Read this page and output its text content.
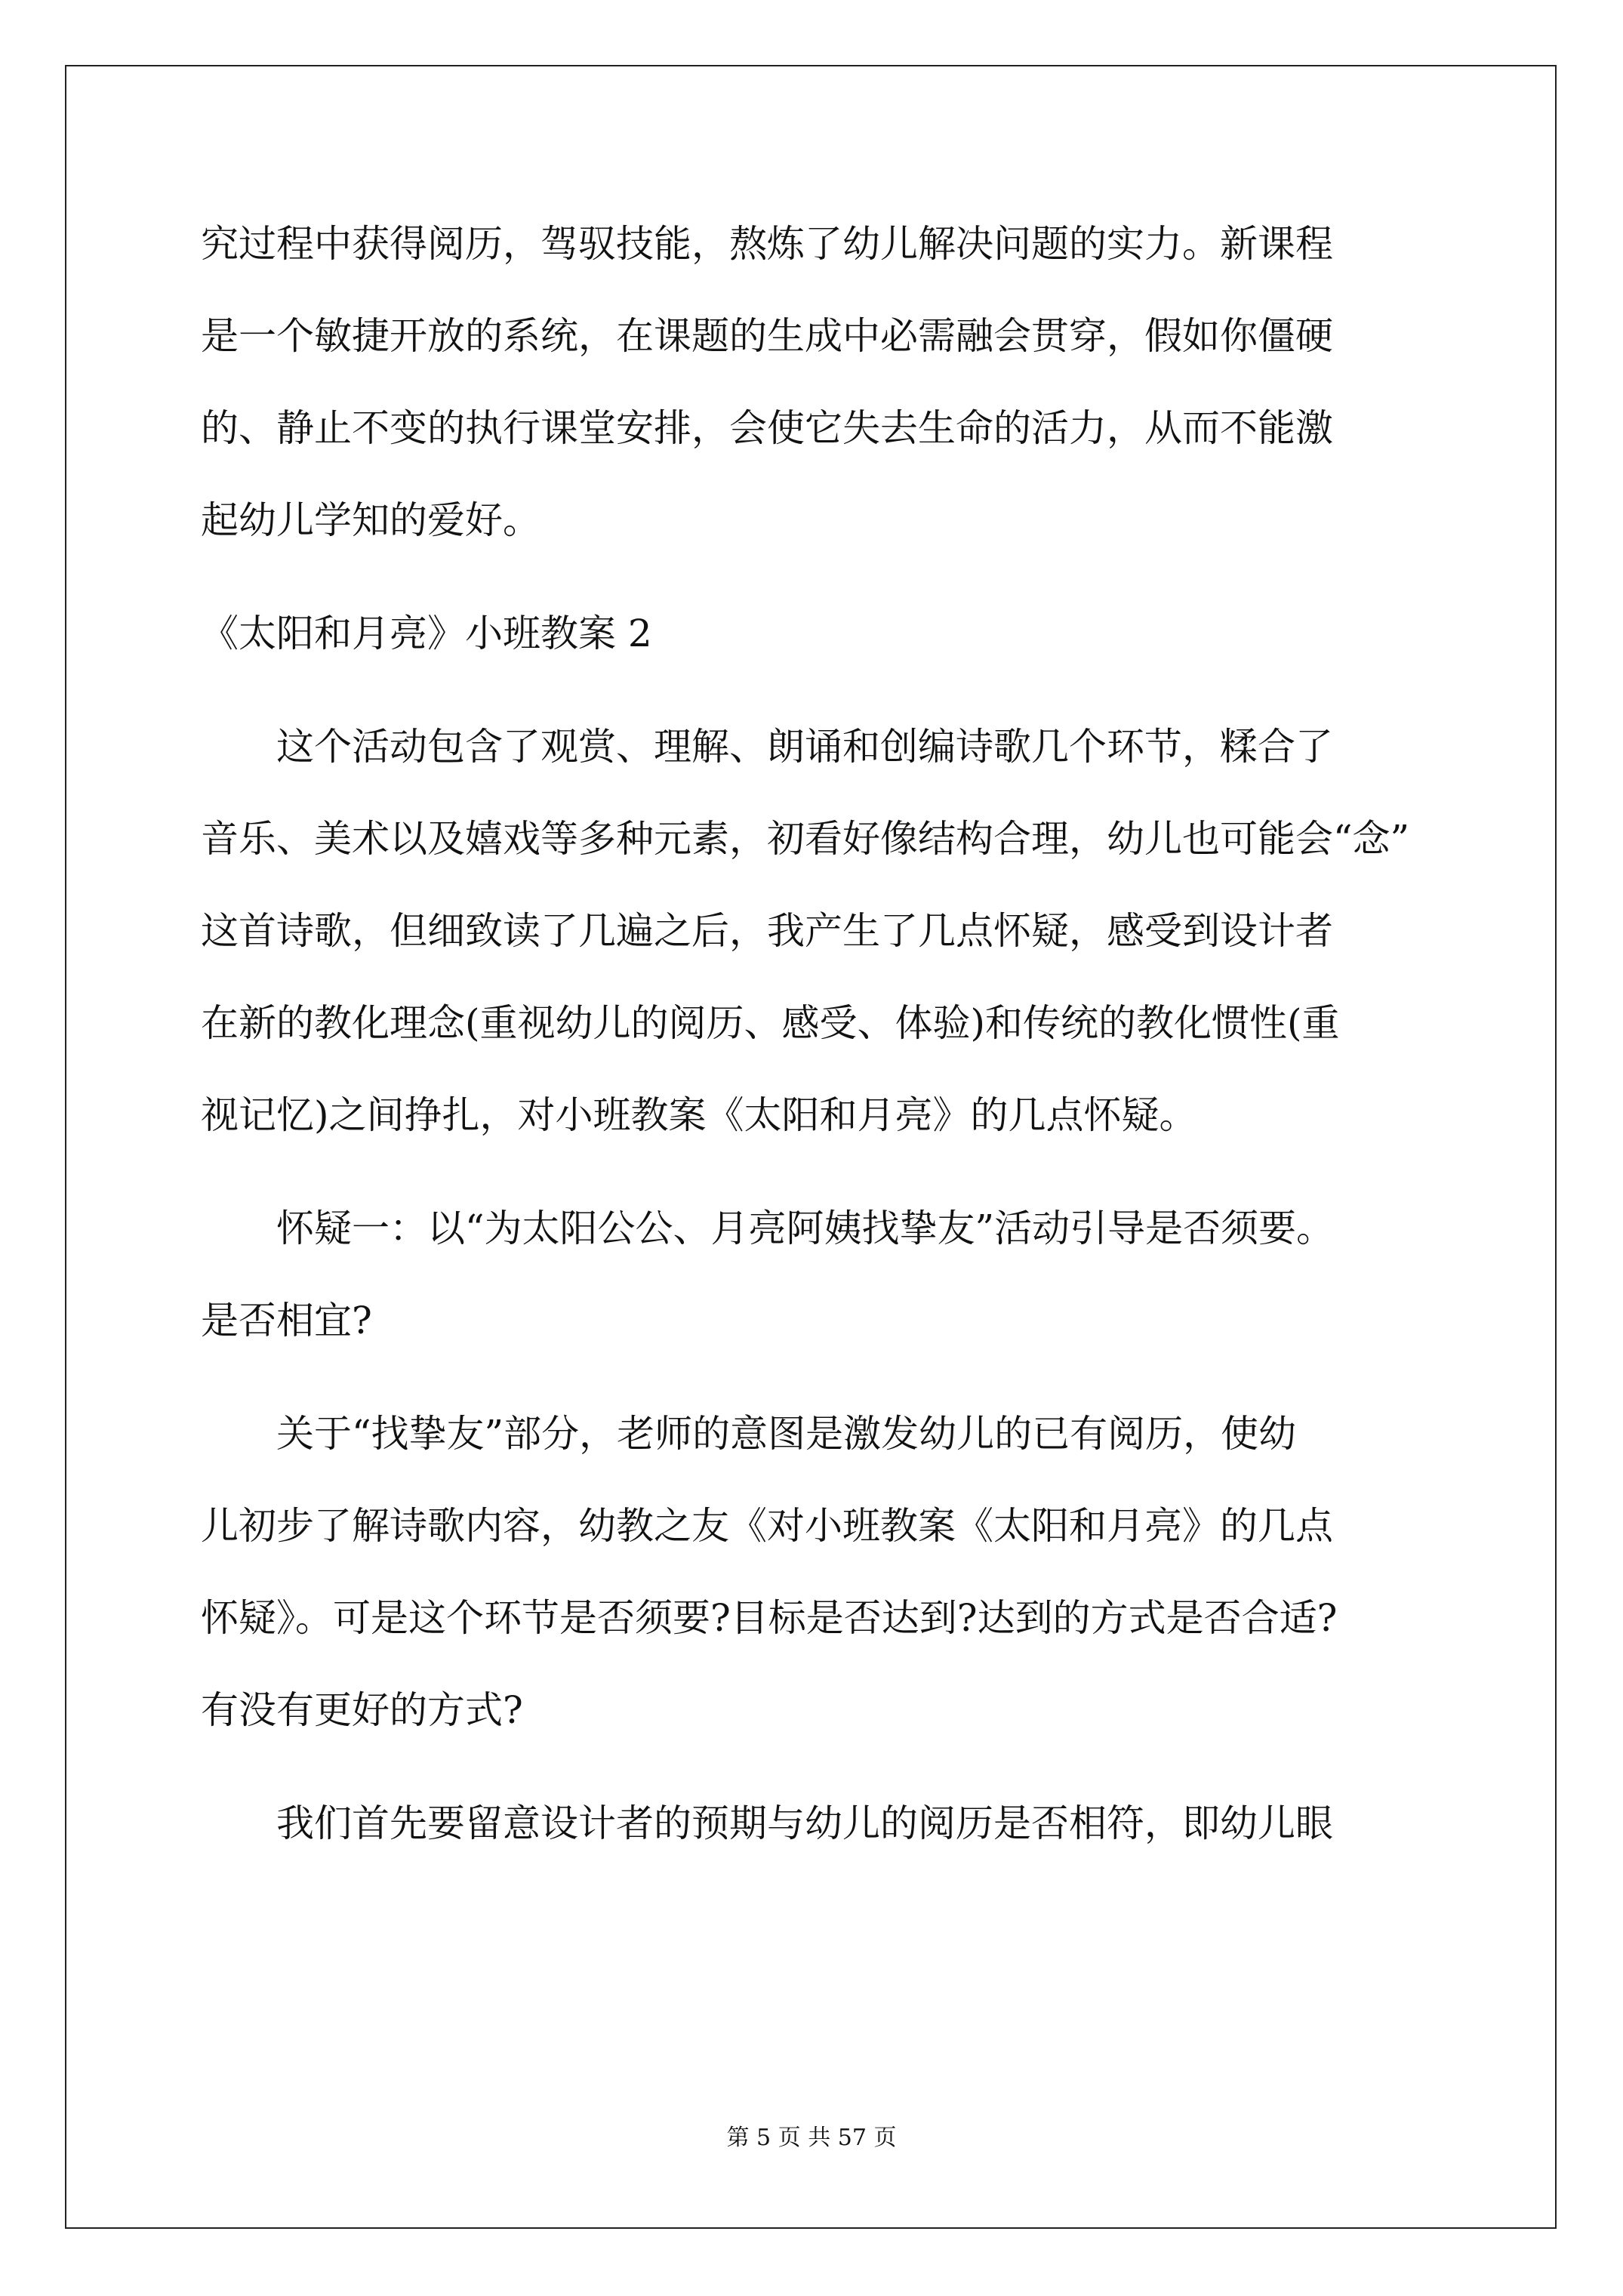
究过程中获得阅历，驾驭技能，熬炼了幼儿解决问题的实力。新课程
是一个敏捷开放的系统，在课题的生成中必需融会贯穿，假如你僵硬
的、静止不变的执行课堂安排，会使它失去生命的活力，从而不能激
起幼儿学知的爱好。
《太阳和月亮》小班教案 2
这个活动包含了观赏、理解、朗诵和创编诗歌几个环节，糅合了
音乐、美术以及嬉戏等多种元素，初看好像结构合理，幼儿也可能会“念”
这首诗歌，但细致读了几遍之后，我产生了几点怀疑，感受到设计者
在新的教化理念(重视幼儿的阅历、感受、体验)和传统的教化惯性(重
视记忆)之间挣扎，对小班教案《太阳和月亮》的几点怀疑。
怀疑一：以“为太阳公公、月亮阿姨找挚友”活动引导是否须要。
是否相宜?
关于“找挚友”部分，老师的意图是激发幼儿的已有阅历，使幼
儿初步了解诗歌内容，幼教之友《对小班教案《太阳和月亮》的几点
怀疑》。可是这个环节是否须要?目标是否达到?达到的方式是否合适?
有没有更好的方式?
我们首先要留意设计者的预期与幼儿的阅历是否相符，即幼儿眼
第 5 页 共 57 页
